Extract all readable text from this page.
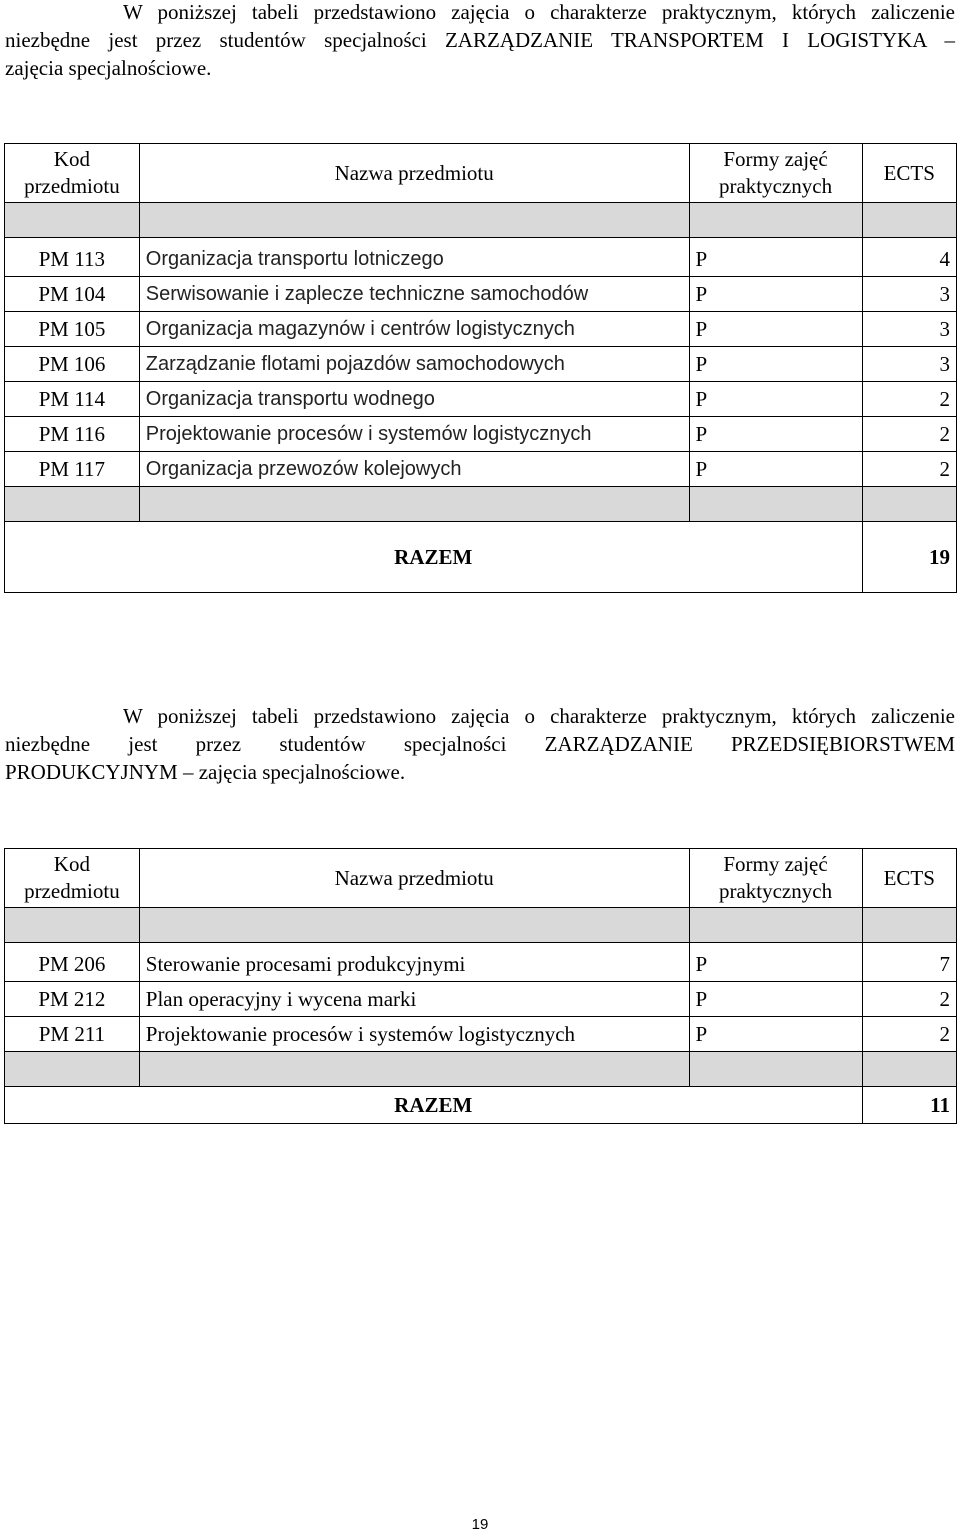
W poniższej tabeli przedstawiono zajęcia o charakterze praktycznym, których zaliczenie
niezbędne jest przez studentów specjalności ZARZĄDZANIE TRANSPORTEM I LOGISTYKA –
zajęcia specjalnościowe.
Kod przedmiotu	Nazwa przedmiotu	Formy zajęć praktycznych	ECTS

PM 113	Organizacja transportu lotniczego	P	4
PM 104	Serwisowanie i zaplecze techniczne samochodów	P	3
PM 105	Organizacja magazynów i centrów logistycznych	P	3
PM 106	Zarządzanie flotami pojazdów samochodowych	P	3
PM 114	Organizacja transportu wodnego	P	2
PM 116	Projektowanie procesów i systemów logistycznych	P	2
PM 117	Organizacja przewozów kolejowych	P	2

RAZEM			19
W poniższej tabeli przedstawiono zajęcia o charakterze praktycznym, których zaliczenie
niezbędne jest przez studentów specjalności ZARZĄDZANIE PRZEDSIĘBIORSTWEM
PRODUKCYJNYM – zajęcia specjalnościowe.
Kod przedmiotu	Nazwa przedmiotu	Formy zajęć praktycznych	ECTS

PM 206	Sterowanie procesami produkcyjnymi	P	7
PM 212	Plan operacyjny i wycena marki	P	2
PM 211	Projektowanie procesów i systemów logistycznych	P	2

RAZEM			11
19
